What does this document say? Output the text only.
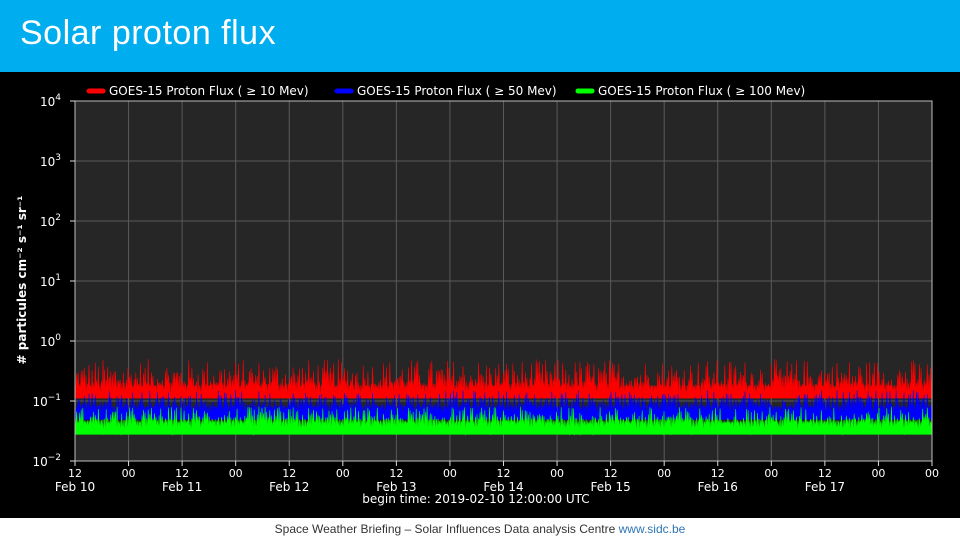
Solar proton flux
$10^4$
$10^3$
$10^2$
$10^1$
$10^0$
$10^{-1}$
$10^{-2}$
12
Feb 10
00	12
Feb 11
00	12
Feb 12
00	12
Feb 13
00	12
Feb 14
00	12
Feb 15
00	12
Feb 16
00	12
Feb 17
00	00
GOES-15 Proton Flux ( ≥ 10 Mev)	GOES-15 Proton Flux ( ≥ 50 Mev)	GOES-15 Proton Flux ( ≥ 100 Mev)
# particules cm⁻² s⁻¹ sr⁻¹
begin time: 2019-02-10 12:00:00 UTC
Space Weather Briefing – Solar Influences Data analysis Centre www.sidc.be
